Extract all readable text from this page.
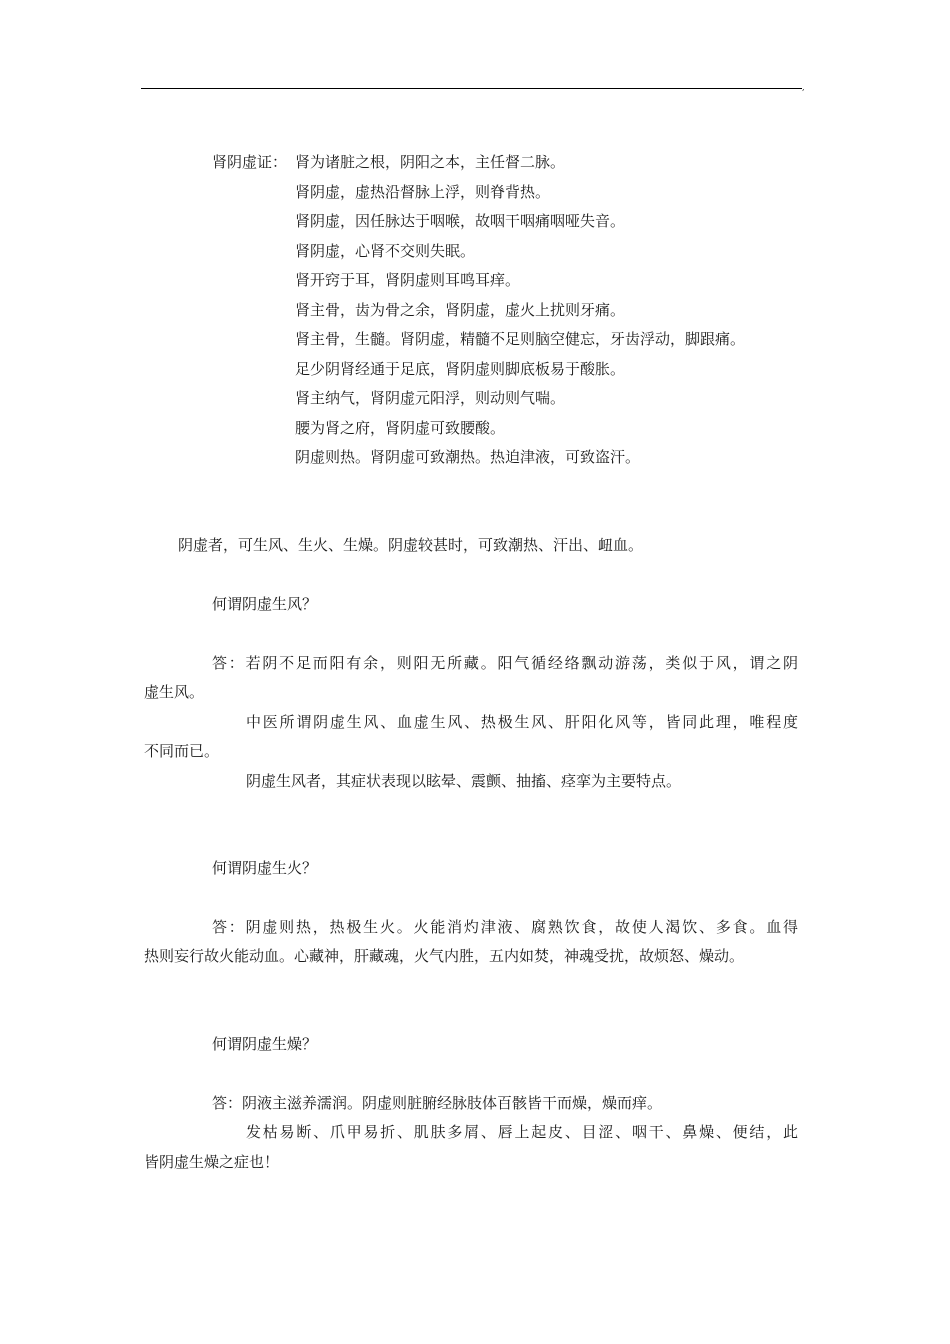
,
肾阴虚证： 肾为诸脏之根，阴阳之本，主任督二脉。
肾阴虚，虚热沿督脉上浮，则脊背热。
肾阴虚，因任脉达于咽喉，故咽干咽痛咽哑失音。
肾阴虚，心肾不交则失眠。
肾开窍于耳，肾阴虚则耳鸣耳痒。
肾主骨，齿为骨之余，肾阴虚，虚火上扰则牙痛。
肾主骨，生髓。肾阴虚，精髓不足则脑空健忘，牙齿浮动，脚跟痛。
足少阴肾经通于足底，肾阴虚则脚底板易于酸胀。
肾主纳气，肾阴虚元阳浮，则动则气喘。
腰为肾之府，肾阴虚可致腰酸。
阴虚则热。肾阴虚可致潮热。热迫津液，可致盗汗。
阴虚者，可生风、生火、生燥。阴虚较甚时，可致潮热、汗出、衄血。
何谓阴虚生风？
答：若阴不足而阳有余，则阳无所藏。阳气循经络飘动游荡，类似于风，谓之阴
虚生风。
中医所谓阴虚生风、血虚生风、热极生风、肝阳化风等，皆同此理，唯程度
不同而已。
阴虚生风者，其症状表现以眩晕、震颤、抽搐、痉挛为主要特点。
何谓阴虚生火？
答：阴虚则热，热极生火。火能消灼津液、腐熟饮食，故使人渴饮、多食。血得
热则妄行故火能动血。心藏神，肝藏魂，火气内胜，五内如焚，神魂受扰，故烦怒、燥动。
何谓阴虚生燥？
答：阴液主滋养濡润。阴虚则脏腑经脉肢体百骸皆干而燥，燥而痒。
发枯易断、爪甲易折、肌肤多屑、唇上起皮、目涩、咽干、鼻燥、便结，此
皆阴虚生燥之症也！
